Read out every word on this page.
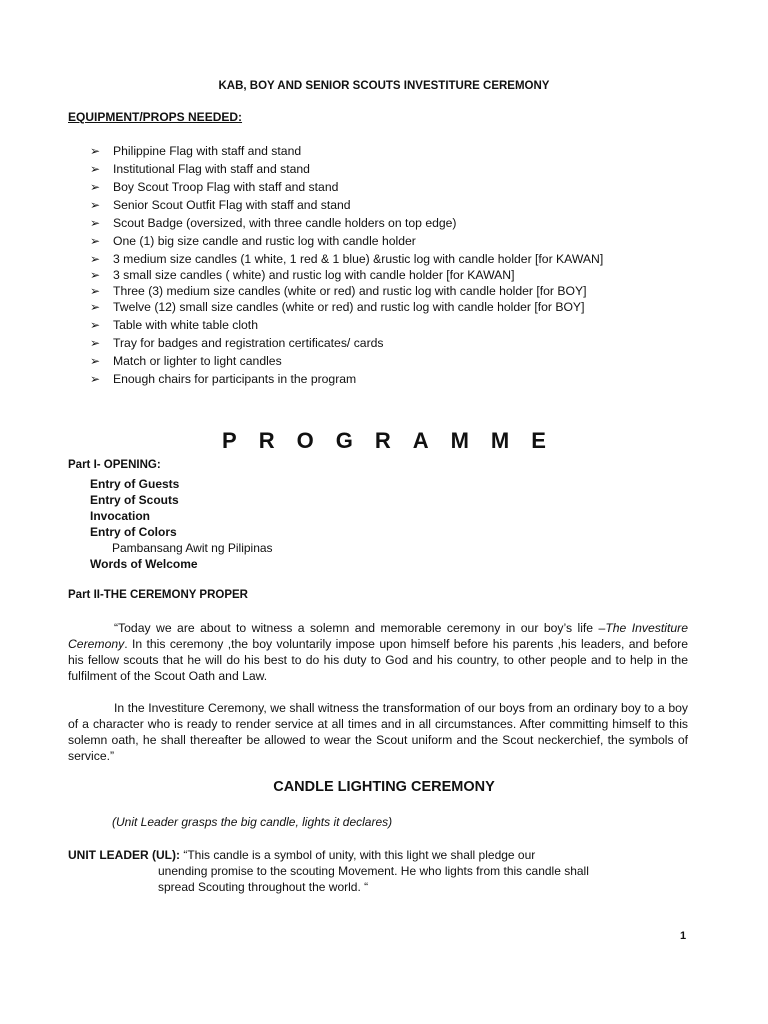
KAB, BOY AND SENIOR SCOUTS INVESTITURE CEREMONY
EQUIPMENT/PROPS NEEDED:
➢ Philippine Flag with staff and stand
➢ Institutional Flag with staff and stand
➢ Boy Scout Troop Flag with staff and stand
➢ Senior Scout Outfit Flag with staff and stand
➢ Scout Badge (oversized, with three candle holders on top edge)
➢ One (1) big size candle and rustic log with candle holder
➢ 3 medium size candles (1 white, 1 red & 1 blue) &rustic log with candle holder [for KAWAN]
➢ 3 small size candles ( white) and rustic log with candle holder [for KAWAN]
➢ Three (3) medium size candles (white or red) and rustic log with candle holder [for BOY]
➢ Twelve (12) small size candles (white or red) and rustic log with candle holder [for BOY]
➢ Table with white table cloth
➢ Tray for badges and registration certificates/ cards
➢ Match or lighter to light candles
➢ Enough chairs for participants in the program
PROGRAMME
Part I- OPENING:
Entry of Guests
Entry of Scouts
Invocation
Entry of Colors
Pambansang Awit ng Pilipinas
Words of Welcome
Part II-THE CEREMONY PROPER

“Today we are about to witness a solemn and memorable ceremony in our boy’s life –The Investiture Ceremony. In this ceremony ,the boy voluntarily impose upon himself before his parents ,his leaders, and before his fellow scouts that he will do his best to do his duty to God and his country, to other people and to help in the fulfilment of the Scout Oath and Law.

In the Investiture Ceremony, we shall witness the transformation of our boys from an ordinary boy to a boy of a character who is ready to render service at all times and in all circumstances. After committing himself to this solemn oath, he shall thereafter be allowed to wear the Scout uniform and the Scout neckerchief, the symbols of service.”

CANDLE LIGHTING CEREMONY
(Unit Leader grasps the big candle, lights it declares)
UNIT LEADER (UL): “This candle is a symbol of unity, with this light we shall pledge our
unending promise to the scouting Movement. He who lights from this candle shall
spread Scouting throughout the world. “
1
